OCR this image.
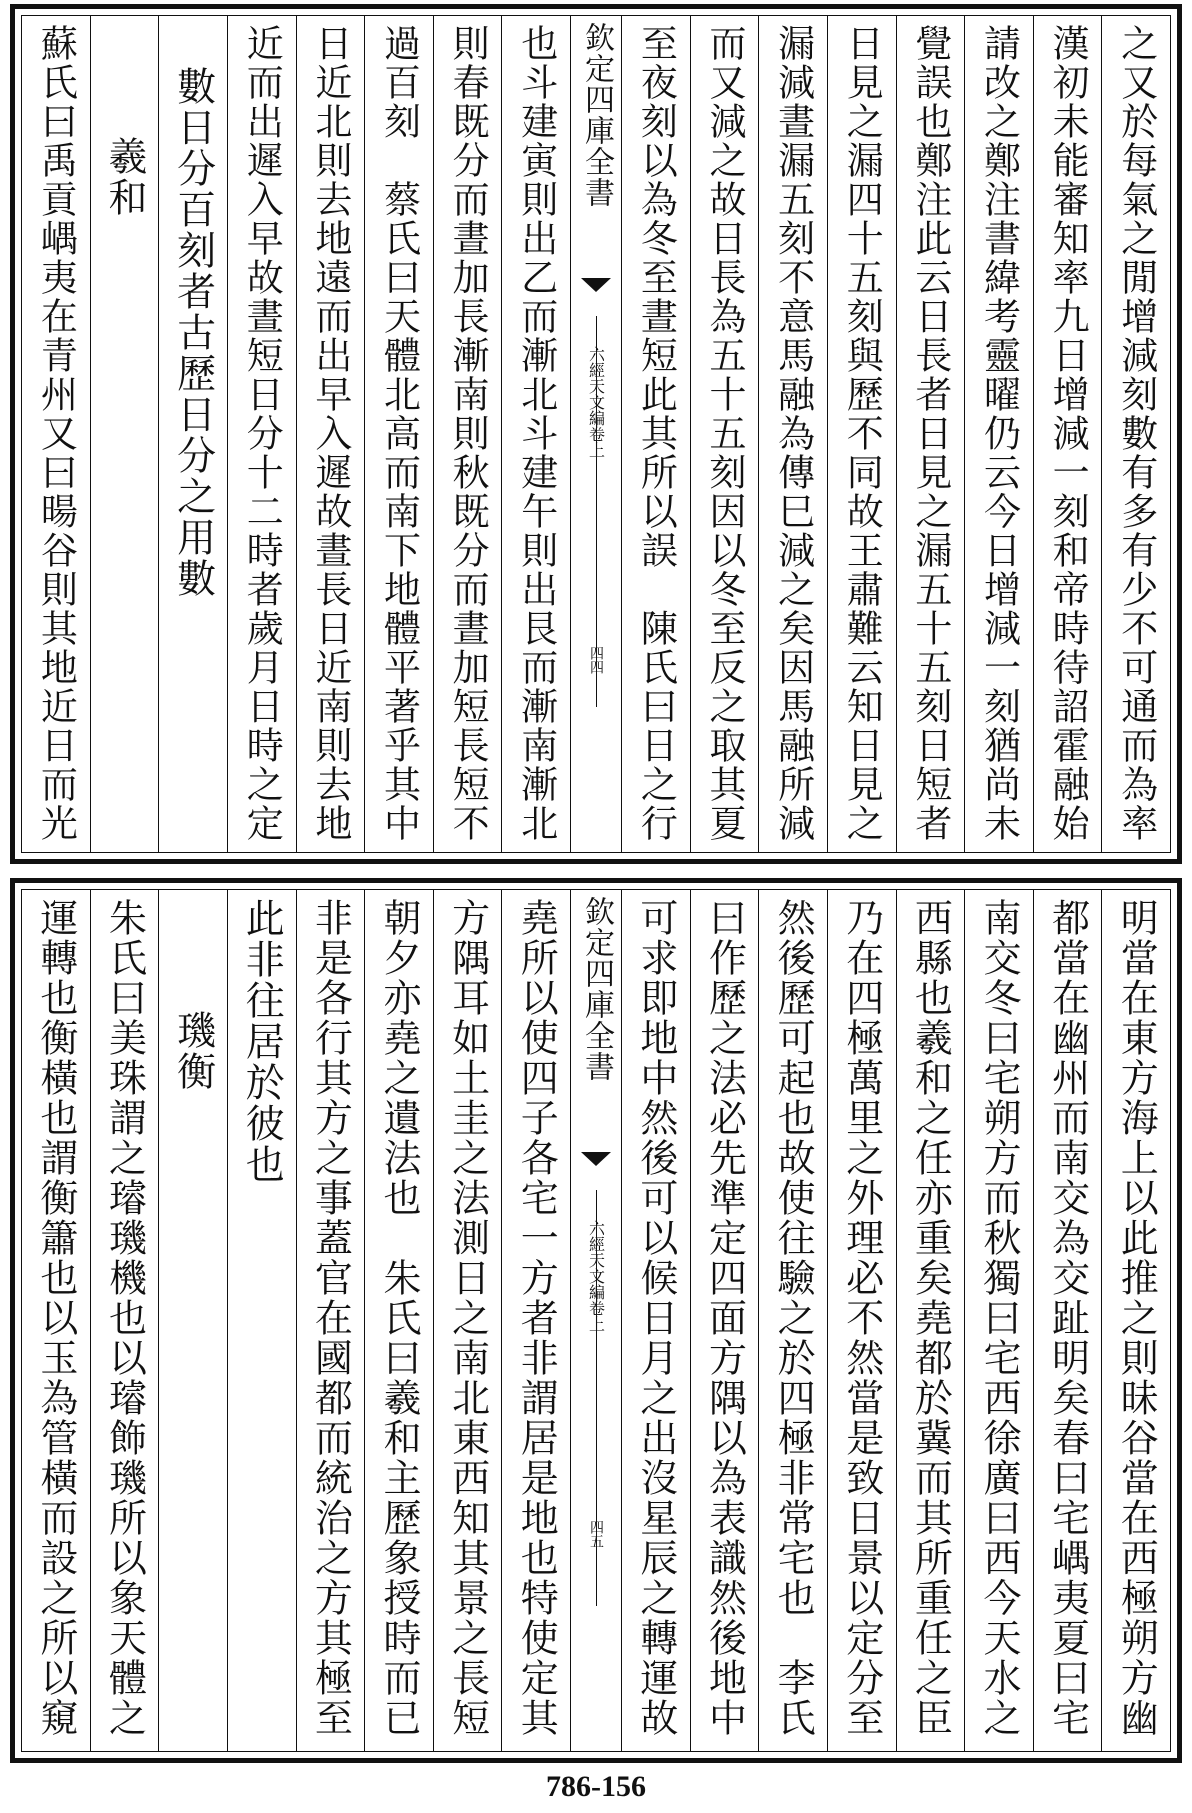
之又於每氣之閒增減刻數有多有少不可通而為率
漢初未能審知率九日增減一刻和帝時待詔霍融始
請改之鄭注書緯考靈曜仍云今日增減一刻猶尚未
覺誤也鄭注此云日長者日見之漏五十五刻日短者
日見之漏四十五刻與歷不同故王肅難云知日見之
漏減晝漏五刻不意馬融為傳巳減之矣因馬融所減
而又減之故日長為五十五刻因以冬至反之取其夏
至夜刻以為冬至晝短此其所以誤　陳氏曰日之行
欽定四庫全書
六經天文編
卷上
四四
也斗建寅則出乙而漸北斗建午則出艮而漸南漸北
則春既分而晝加長漸南則秋既分而晝加短長短不
過百刻　蔡氏曰天體北高而南下地體平著乎其中
日近北則去地遠而出早入遲故晝長日近南則去地
近而出遲入早故晝短日分十二時者歲月日時之定
數日分百刻者古歷日分之用數
羲和
蘇氏曰禹貢嵎夷在青州又曰暘谷則其地近日而光
明當在東方海上以此推之則昧谷當在西極朔方幽
都當在幽州而南交為交趾明矣春曰宅嵎夷夏曰宅
南交冬曰宅朔方而秋獨曰宅西徐廣曰西今天水之
西縣也羲和之任亦重矣堯都於冀而其所重任之臣
乃在四極萬里之外理必不然當是致日景以定分至
然後歷可起也故使往驗之於四極非常宅也　李氏
曰作歷之法必先準定四面方隅以為表識然後地中
可求即地中然後可以候日月之出沒星辰之轉運故
欽定四庫全書
六經天文編
卷上
四五
堯所以使四子各宅一方者非謂居是地也特使定其
方隅耳如土圭之法測日之南北東西知其景之長短
朝夕亦堯之遺法也　朱氏曰羲和主歷象授時而已
非是各行其方之事蓋官在國都而統治之方其極至
此非往居於彼也
璣衡
朱氏曰美珠謂之璿璣機也以璿飾璣所以象天體之
運轉也衡橫也謂衡簫也以玉為管橫而設之所以窺
786-156
